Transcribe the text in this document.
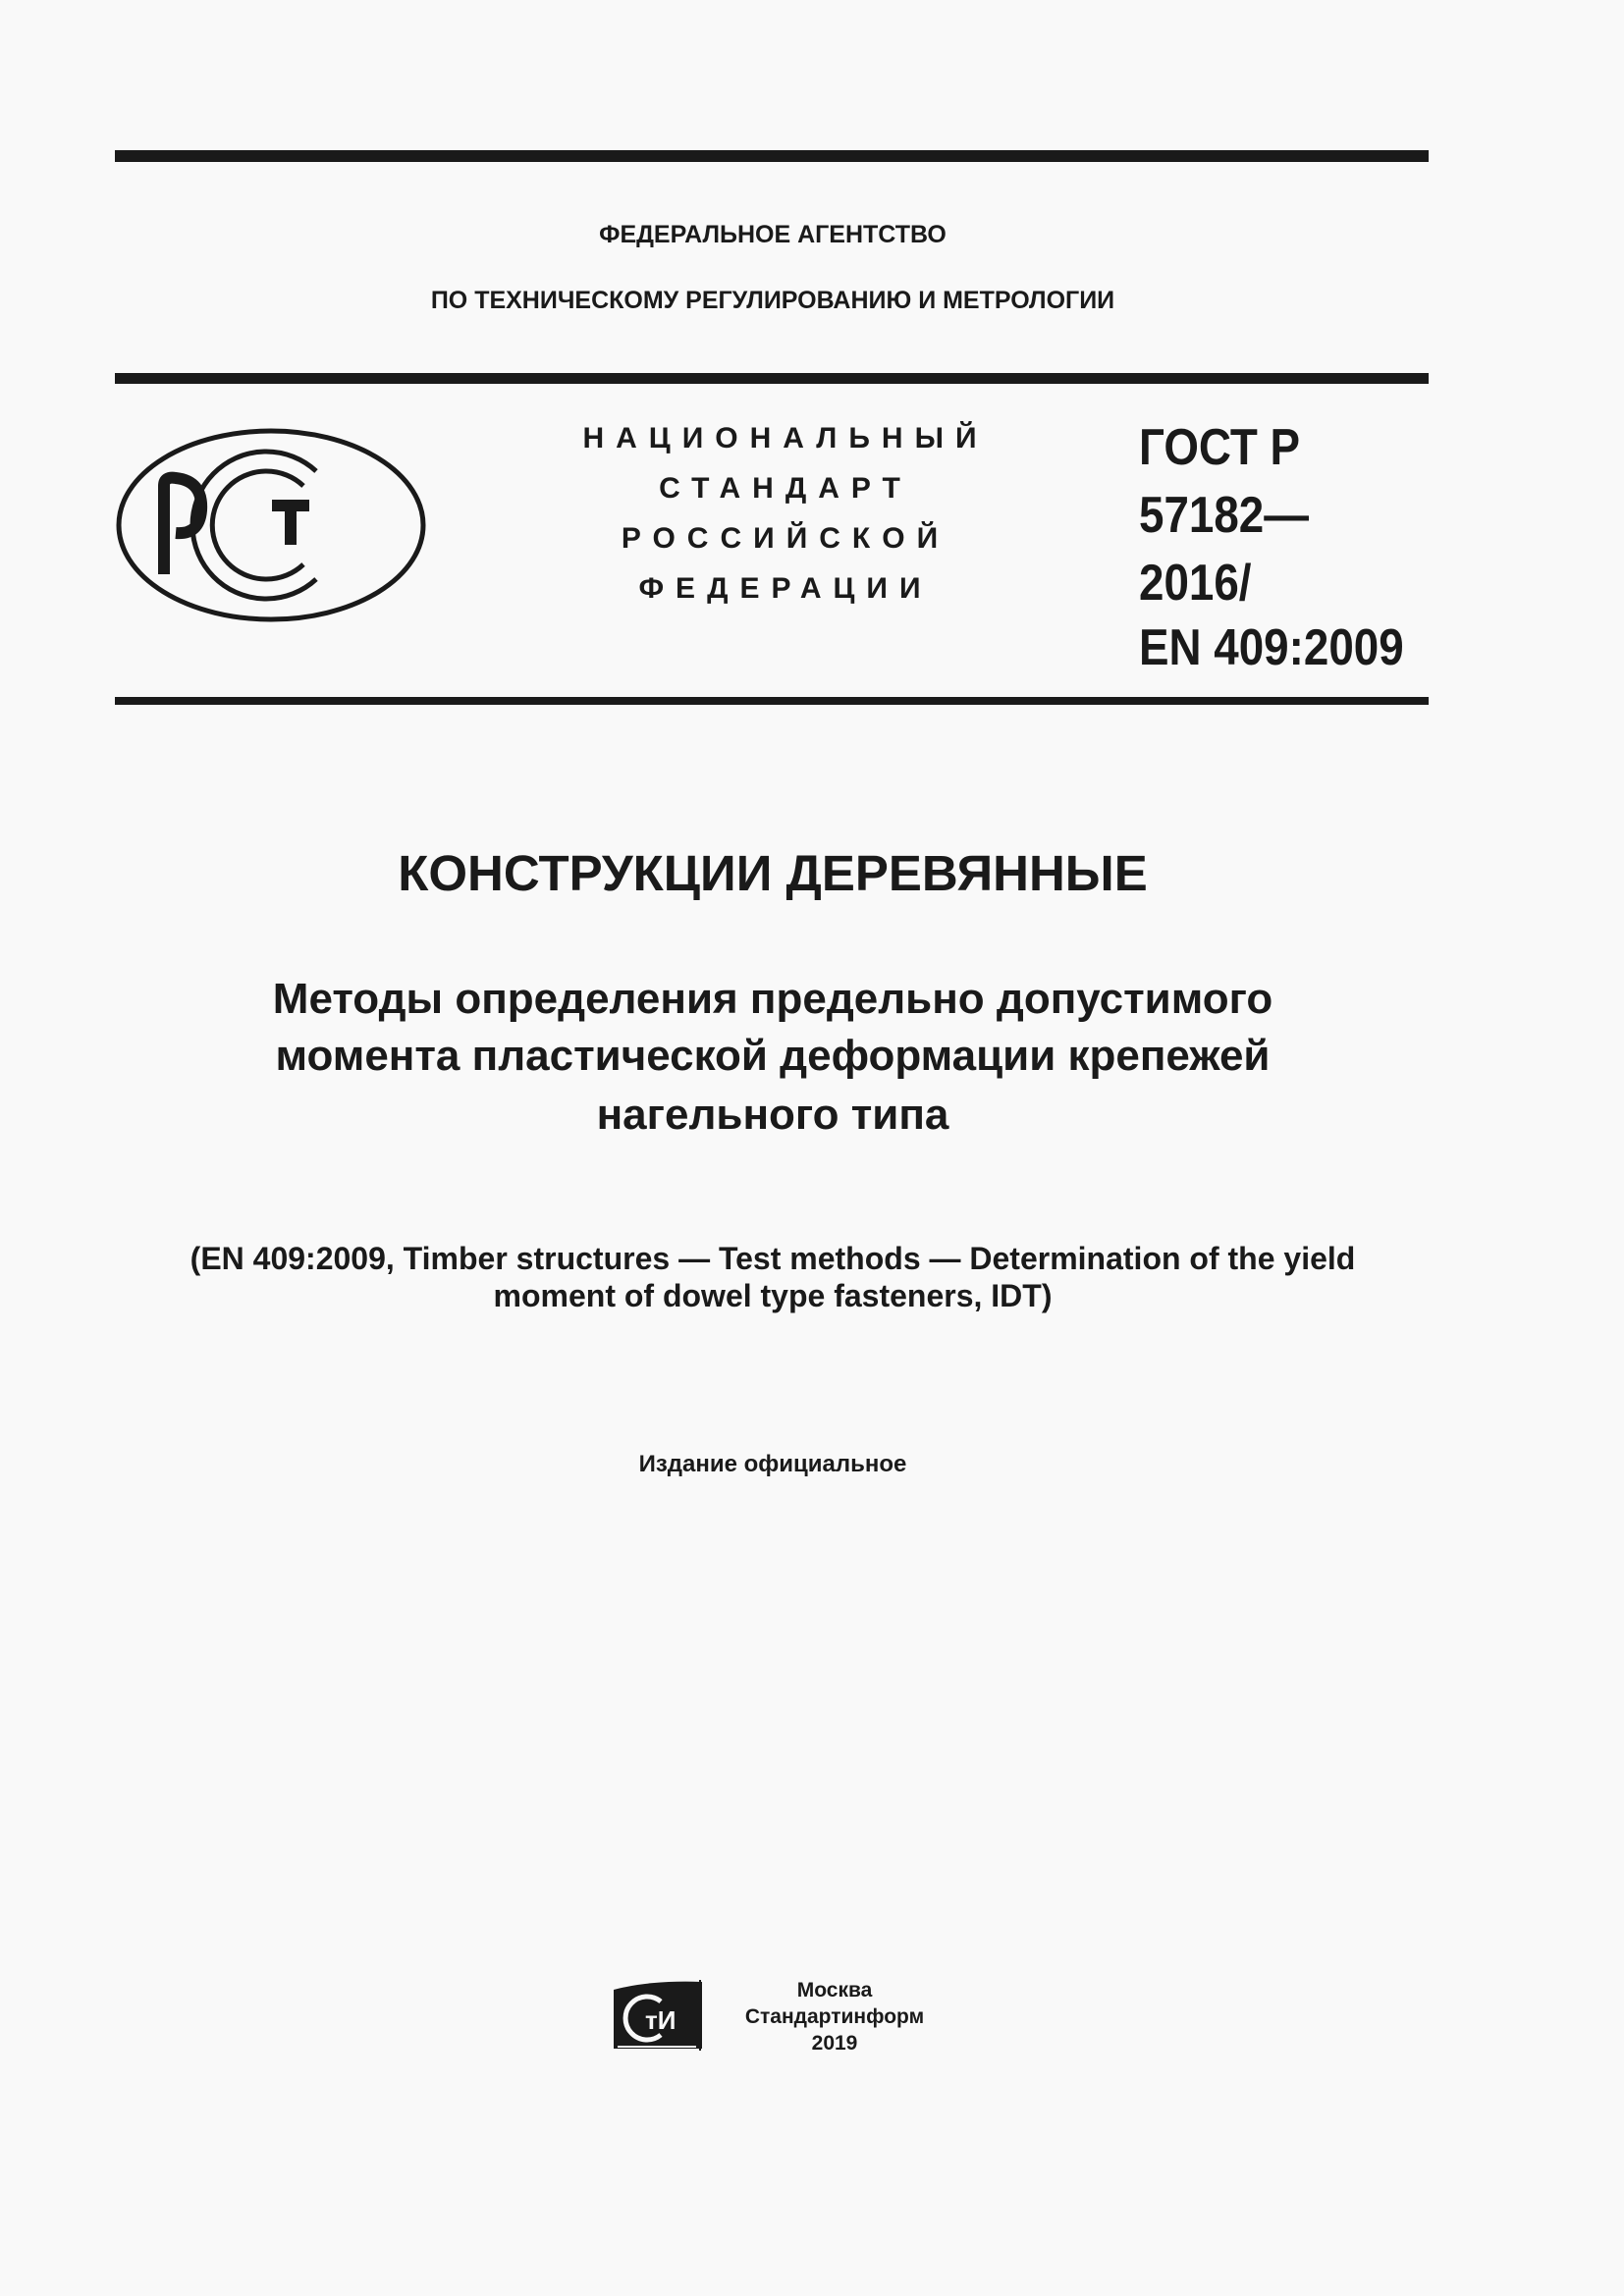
ФЕДЕРАЛЬНОЕ АГЕНТСТВО
ПО ТЕХНИЧЕСКОМУ РЕГУЛИРОВАНИЮ И МЕТРОЛОГИИ
НАЦИОНАЛЬНЫЙ
СТАНДАРТ
РОССИЙСКОЙ
ФЕДЕРАЦИИ
ГОСТ Р
57182—
2016/
EN 409:2009
КОНСТРУКЦИИ ДЕРЕВЯННЫЕ
Методы определения предельно допустимого
момента пластической деформации крепежей
нагельного типа
(EN 409:2009, Timber structures — Test methods — Determination of the yield
moment of dowel type fasteners, IDT)
Издание официальное
тИ
Москва
Стандартинформ
2019
